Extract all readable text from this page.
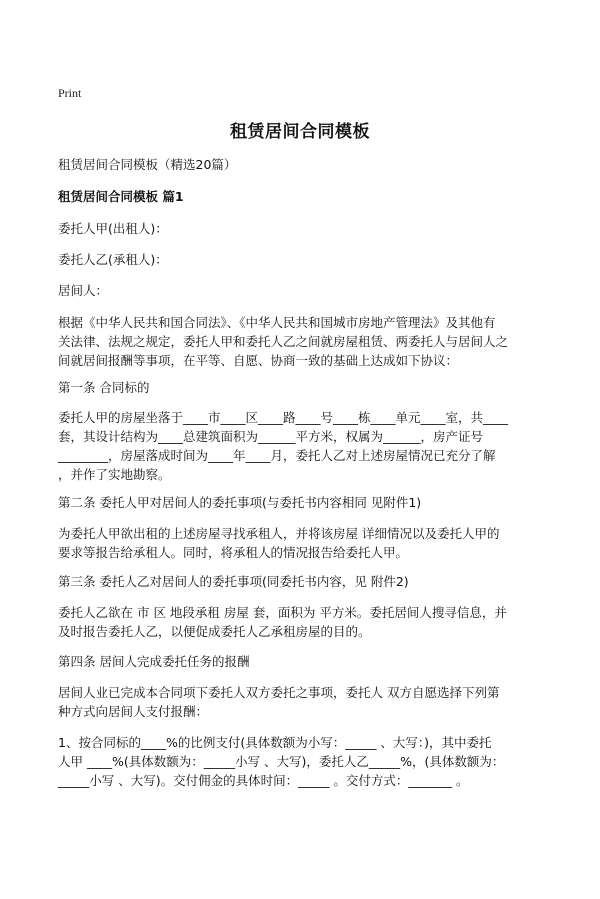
Print
租赁居间合同模板
租赁居间合同模板（精选20篇）
租赁居间合同模板 篇1
委托人甲(出租人)：
委托人乙(承租人)：
居间人：
根据《中华人民共和国合同法》、《中华人民共和国城市房地产管理法》及其他有
关法律、法规之规定，委托人甲和委托人乙之间就房屋租赁、两委托人与居间人之
间就居间报酬等事项，在平等、自愿、协商一致的基础上达成如下协议：
第一条 合同标的
委托人甲的房屋坐落于____市____区____路____号____栋____单元____室，共____
套，其设计结构为____总建筑面积为______平方米，权属为______，房产证号
________，房屋落成时间为____年____月，委托人乙对上述房屋情况已充分了解
，并作了实地勘察。
第二条 委托人甲对居间人的委托事项(与委托书内容相同 见附件1)
为委托人甲欲出租的上述房屋寻找承租人，并将该房屋 详细情况以及委托人甲的
要求等报告给承租人。同时，将承租人的情况报告给委托人甲。
第三条 委托人乙对居间人的委托事项(同委托书内容，见 附件2)
委托人乙欲在 市 区 地段承租 房屋 套，面积为 平方米。委托居间人搜寻信息，并
及时报告委托人乙，以便促成委托人乙承租房屋的目的。
第四条 居间人完成委托任务的报酬
居间人业已完成本合同项下委托人双方委托之事项，委托人 双方自愿选择下列第
种方式向居间人支付报酬：
1、按合同标的____%的比例支付(具体数额为小写：_____ 、大写：)，其中委托
人甲 ____%(具体数额为：_____小写 、大写)，委托人乙_____%，(具体数额为：
_____小写 、大写)。交付佣金的具体时间：_____ 。交付方式：_______ 。
